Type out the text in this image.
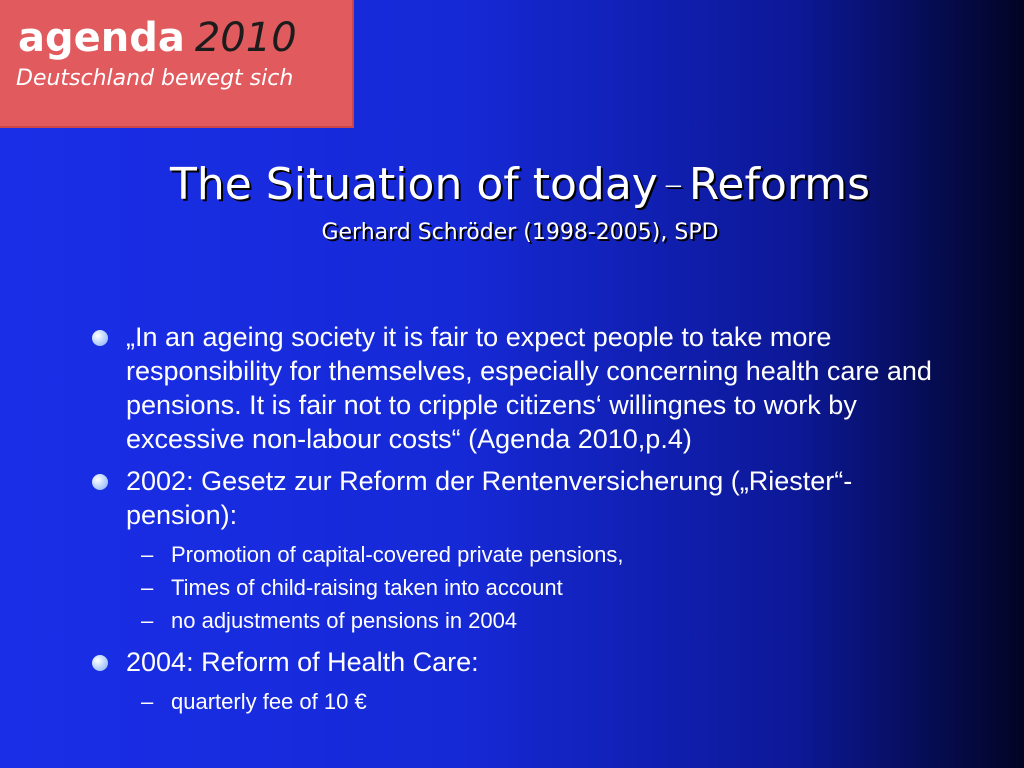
agenda 2010
Deutschland bewegt sich
The Situation of today – Reforms
Gerhard Schröder (1998-2005), SPD
„In an ageing society it is fair to expect people to take more responsibility for themselves, especially concerning health care and pensions. It is fair not to cripple citizens‘ willingnes to work by excessive non-labour costs“ (Agenda 2010,p.4)
2002: Gesetz zur Reform der Rentenversicherung („Riester“-pension):
– Promotion of capital-covered private pensions,
– Times of child-raising taken into account
– no adjustments of pensions in 2004
2004: Reform of Health Care:
– quarterly fee of 10 €
